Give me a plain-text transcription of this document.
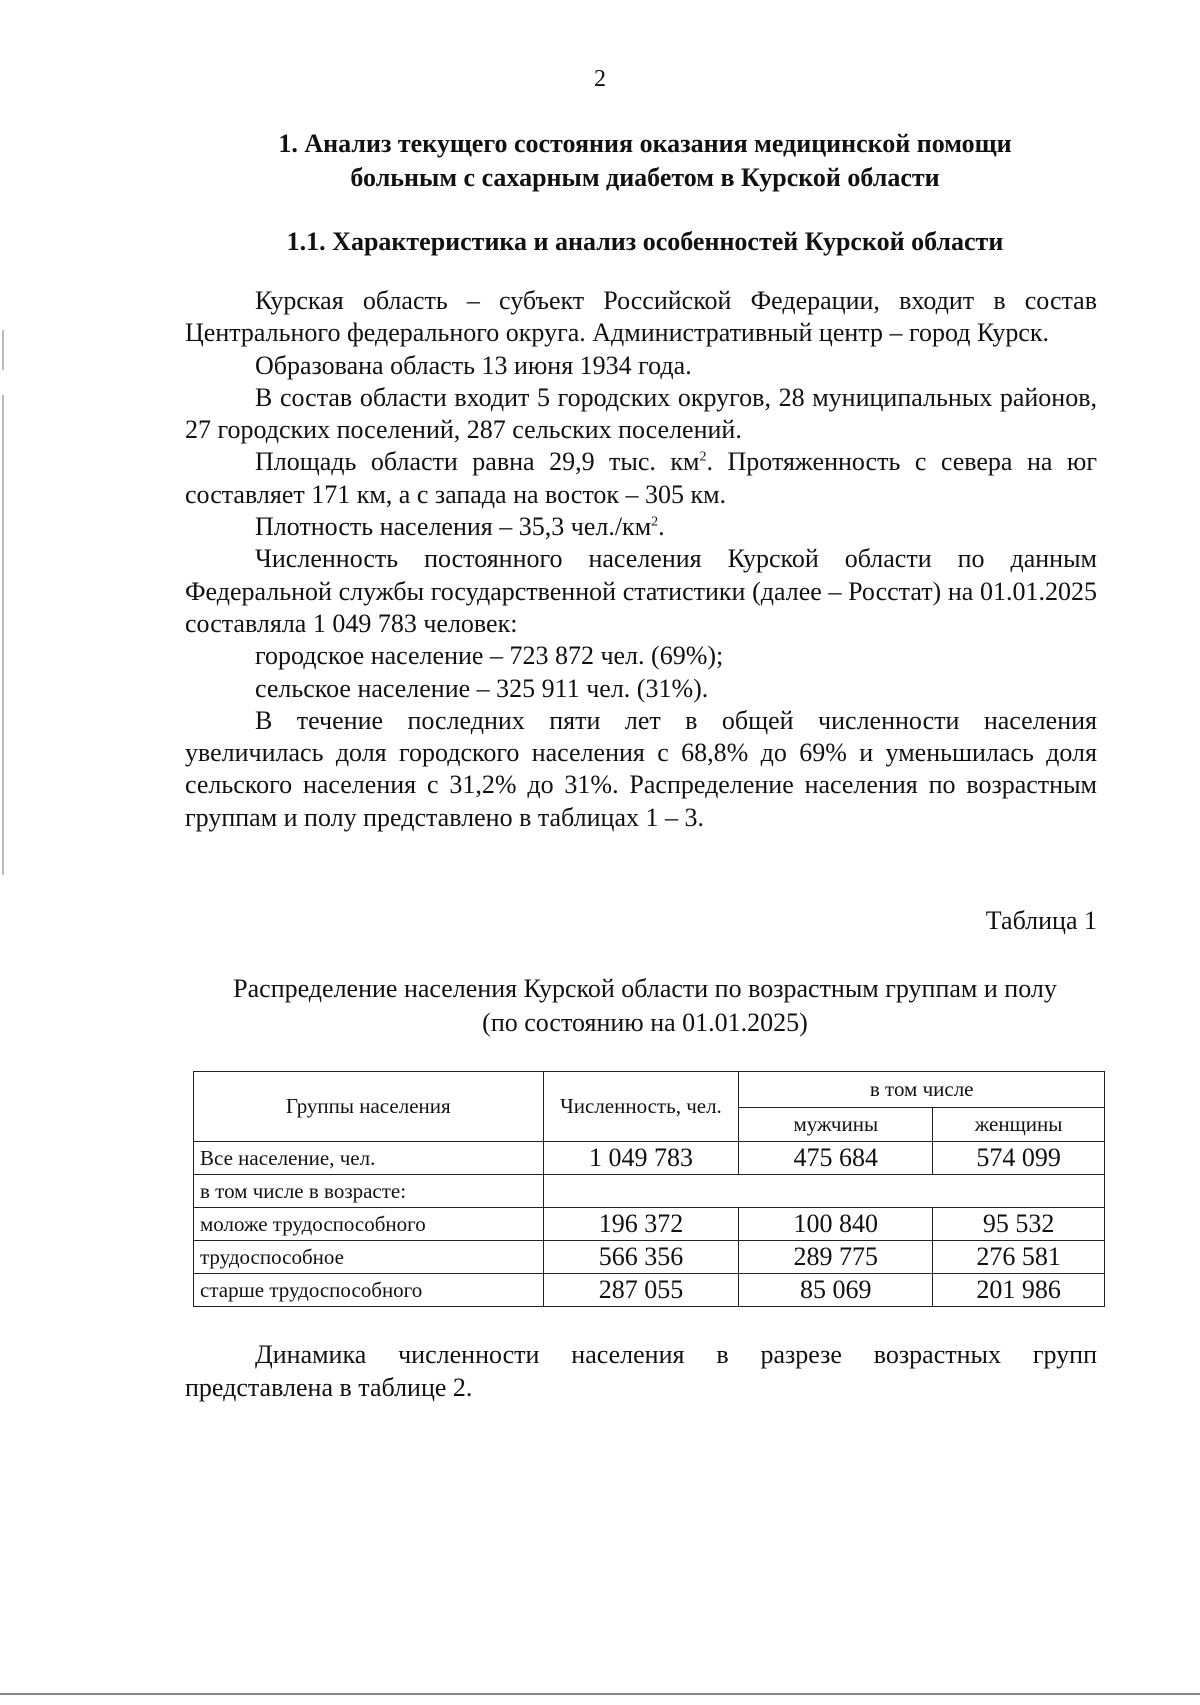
2
1. Анализ текущего состояния оказания медицинской помощи
больным с сахарным диабетом в Курской области
1.1. Характеристика и анализ особенностей Курской области

Курская область – субъект Российской Федерации, входит в состав Центрального федерального округа. Административный центр – город Курск.

Образована область 13 июня 1934 года.

В состав области входит 5 городских округов, 28 муниципальных районов, 27 городских поселений, 287 сельских поселений.

Площадь области равна 29,9 тыс. $км^2$. Протяженность с севера на юг составляет 171 км, а с запада на восток – 305 км.

Плотность населения – 35,3 $чел./км^2$.

Численность постоянного населения Курской области по данным Федеральной службы государственной статистики (далее – Росстат) на 01.01.2025 составляла 1 049 783 человек:

городское население – 723 872 чел. (69%);

сельское население – 325 911 чел. (31%).

В течение последних пяти лет в общей численности населения увеличилась доля городского населения с 68,8% до 69% и уменьшилась доля сельского населения с 31,2% до 31%. Распределение населения по возрастным группам и полу представлено в таблицах 1 – 3.

Таблица 1
Распределение населения Курской области по возрастным группам и полу
(по состоянию на 01.01.2025)
Группы населения	Численность, чел.	в том числе	
		мужчины	женщины
Все население, чел.	1 049 783	475 684	574 099
в том числе в возрасте:			
моложе трудоспособного	196 372	100 840	95 532
трудоспособное	566 356	289 775	276 581
старше трудоспособного	287 055	85 069	201 986

Динамика численности населения в разрезе возрастных групп представлена в таблице 2.
